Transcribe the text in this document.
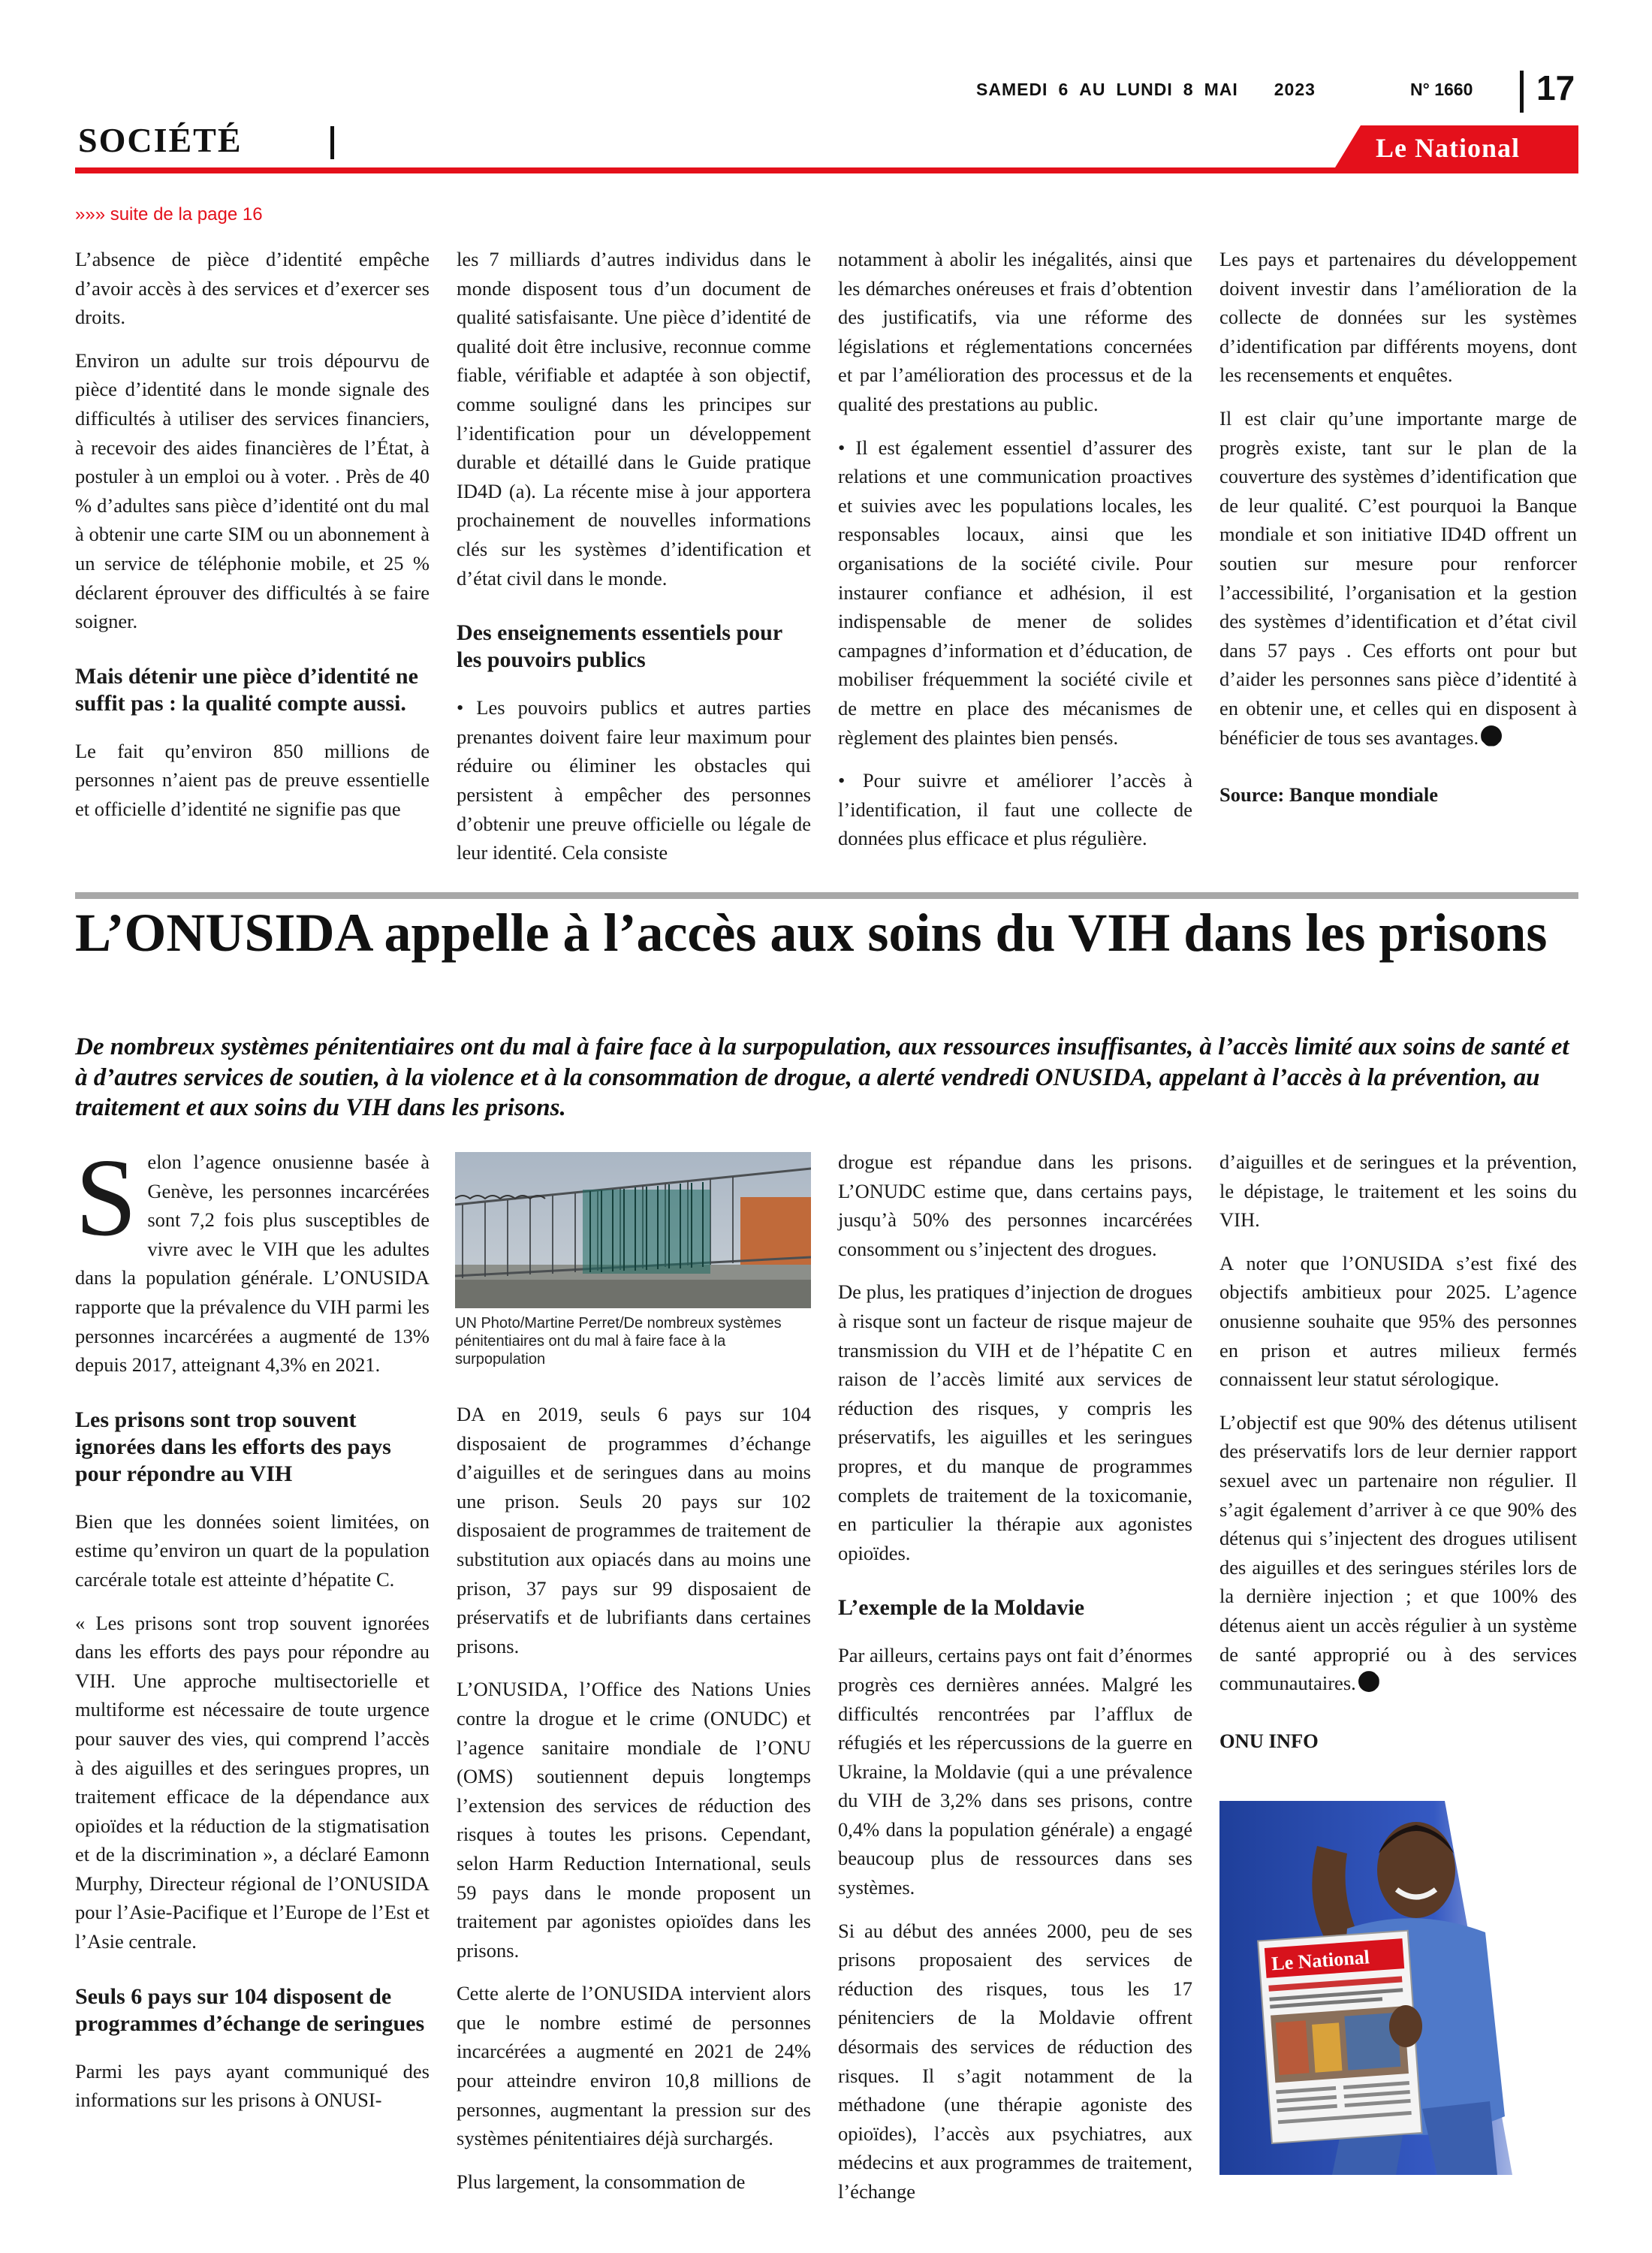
SAMEDI 6 AU LUNDI 8 MAI 2023	N° 1660 17
SOCIÉTÉ	Le National
»»» suite de la page 16

L’absence de pièce d’identité empêche d’avoir accès à des services et d’exercer ses droits.

Environ un adulte sur trois dépourvu de pièce d’identité dans le monde signale des difficultés à utiliser des services financiers, à recevoir des aides financières de l’État, à postuler à un emploi ou à voter. . Près de 40 % d’adultes sans pièce d’identité ont du mal à obtenir une carte SIM ou un abonnement à un service de téléphonie mobile, et 25 % déclarent éprouver des difficultés à se faire soigner.

Mais détenir une pièce d’identité ne suffit pas : la qualité compte aussi.

Le fait qu’environ 850 millions de personnes n’aient pas de preuve essentielle et officielle d’identité ne signifie pas que

les 7 milliards d’autres individus dans le monde disposent tous d’un document de qualité satisfaisante. Une pièce d’identité de qualité doit être inclusive, reconnue comme fiable, vérifiable et adaptée à son objectif, comme souligné dans les principes sur l’identification pour un développement durable et détaillé dans le Guide pratique ID4D (a). La récente mise à jour apportera prochainement de nouvelles informations clés sur les systèmes d’identification et d’état civil dans le monde.

Des enseignements essentiels pour les pouvoirs publics

• Les pouvoirs publics et autres parties prenantes doivent faire leur maximum pour réduire ou éliminer les obstacles qui persistent à empêcher des personnes d’obtenir une preuve officielle ou légale de leur identité. Cela consiste

notamment à abolir les inégalités, ainsi que les démarches onéreuses et frais d’obtention des justificatifs, via une réforme des législations et réglementations concernées et par l’amélioration des processus et de la qualité des prestations au public.

• Il est également essentiel d’assurer des relations et une communication proactives et suivies avec les populations locales, les responsables locaux, ainsi que les organisations de la société civile. Pour instaurer confiance et adhésion, il est indispensable de mener de solides campagnes d’information et d’éducation, de mobiliser fréquemment la société civile et de mettre en place des mécanismes de règlement des plaintes bien pensés.

• Pour suivre et améliorer l’accès à l’identification, il faut une collecte de données plus efficace et plus régulière.

Les pays et partenaires du développement doivent investir dans l’amélioration de la collecte de données sur les systèmes d’identification par différents moyens, dont les recensements et enquêtes.

Il est clair qu’une importante marge de progrès existe, tant sur le plan de la couverture des systèmes d’identification que de leur qualité. C’est pourquoi la Banque mondiale et son initiative ID4D offrent un soutien sur mesure pour renforcer l’accessibilité, l’organisation et la gestion des systèmes d’identification et d’état civil dans 57 pays . Ces efforts ont pour but d’aider les personnes sans pièce d’identité à en obtenir une, et celles qui en disposent à bénéficier de tous ses avantages.

Source: Banque mondiale

L’ONUSIDA appelle à l’accès aux soins du VIH dans les prisons

De nombreux systèmes pénitentiaires ont du mal à faire face à la surpopulation, aux ressources insuffisantes, à l’accès limité aux soins de santé et à d’autres services de soutien, à la violence et à la consommation de drogue, a alerté vendredi ONUSIDA, appelant à l’accès à la prévention, au traitement et aux soins du VIH dans les prisons.

Selon l’agence onusienne basée à Genève, les personnes incarcérées sont 7,2 fois plus susceptibles de vivre avec le VIH que les adultes dans la population générale. L’ONUSIDA rapporte que la prévalence du VIH parmi les personnes incarcérées a augmenté de 13% depuis 2017, atteignant 4,3% en 2021.

Les prisons sont trop souvent ignorées dans les efforts des pays pour répondre au VIH

Bien que les données soient limitées, on estime qu’environ un quart de la population carcérale totale est atteinte d’hépatite C.

« Les prisons sont trop souvent ignorées dans les efforts des pays pour répondre au VIH. Une approche multisectorielle et multiforme est nécessaire de toute urgence pour sauver des vies, qui comprend l’accès à des aiguilles et des seringues propres, un traitement efficace de la dépendance aux opioïdes et la réduction de la stigmatisation et de la discrimination », a déclaré Eamonn Murphy, Directeur régional de l’ONUSIDA pour l’Asie-Pacifique et l’Europe de l’Est et l’Asie centrale.

Seuls 6 pays sur 104 disposent de programmes d’échange de seringues

Parmi les pays ayant communiqué des informations sur les prisons à ONUSI-

UN Photo/Martine Perret/De nombreux systèmes pénitentiaires ont du mal à faire face à la surpopulation

DA en 2019, seuls 6 pays sur 104 disposaient de programmes d’échange d’aiguilles et de seringues dans au moins une prison. Seuls 20 pays sur 102 disposaient de programmes de traitement de substitution aux opiacés dans au moins une prison, 37 pays sur 99 disposaient de préservatifs et de lubrifiants dans certaines prisons.

L’ONUSIDA, l’Office des Nations Unies contre la drogue et le crime (ONUDC) et l’agence sanitaire mondiale de l’ONU (OMS) soutiennent depuis longtemps l’extension des services de réduction des risques à toutes les prisons. Cependant, selon Harm Reduction International, seuls 59 pays dans le monde proposent un traitement par agonistes opioïdes dans les prisons.

Cette alerte de l’ONUSIDA intervient alors que le nombre estimé de personnes incarcérées a augmenté en 2021 de 24% pour atteindre environ 10,8 millions de personnes, augmentant la pression sur des systèmes pénitentiaires déjà surchargés.

Plus largement, la consommation de

drogue est répandue dans les prisons. L’ONUDC estime que, dans certains pays, jusqu’à 50% des personnes incarcérées consomment ou s’injectent des drogues.

De plus, les pratiques d’injection de drogues à risque sont un facteur de risque majeur de transmission du VIH et de l’hépatite C en raison de l’accès limité aux services de réduction des risques, y compris les préservatifs, les aiguilles et les seringues propres, et du manque de programmes complets de traitement de la toxicomanie, en particulier la thérapie aux agonistes opioïdes.

L’exemple de la Moldavie

Par ailleurs, certains pays ont fait d’énormes progrès ces dernières années. Malgré les difficultés rencontrées par l’afflux de réfugiés et les répercussions de la guerre en Ukraine, la Moldavie (qui a une prévalence du VIH de 3,2% dans ses prisons, contre 0,4% dans la population générale) a engagé beaucoup plus de ressources dans ses systèmes.

Si au début des années 2000, peu de ses prisons proposaient des services de réduction des risques, tous les 17 pénitenciers de la Moldavie offrent désormais des services de réduction des risques. Il s’agit notamment de la méthadone (une thérapie agoniste des opioïdes), l’accès aux psychiatres, aux médecins et aux programmes de traitement, l’échange

d’aiguilles et de seringues et la prévention, le dépistage, le traitement et les soins du VIH.

A noter que l’ONUSIDA s’est fixé des objectifs ambitieux pour 2025. L’agence onusienne souhaite que 95% des personnes en prison et autres milieux fermés connaissent leur statut sérologique.

L’objectif est que 90% des détenus utilisent des préservatifs lors de leur dernier rapport sexuel avec un partenaire non régulier. Il s’agit également d’arriver à ce que 90% des détenus qui s’injectent des drogues utilisent des aiguilles et des seringues stériles lors de la dernière injection ; et que 100% des détenus aient un accès régulier à un système de santé approprié ou à des services communautaires.

ONU INFO

Le National
